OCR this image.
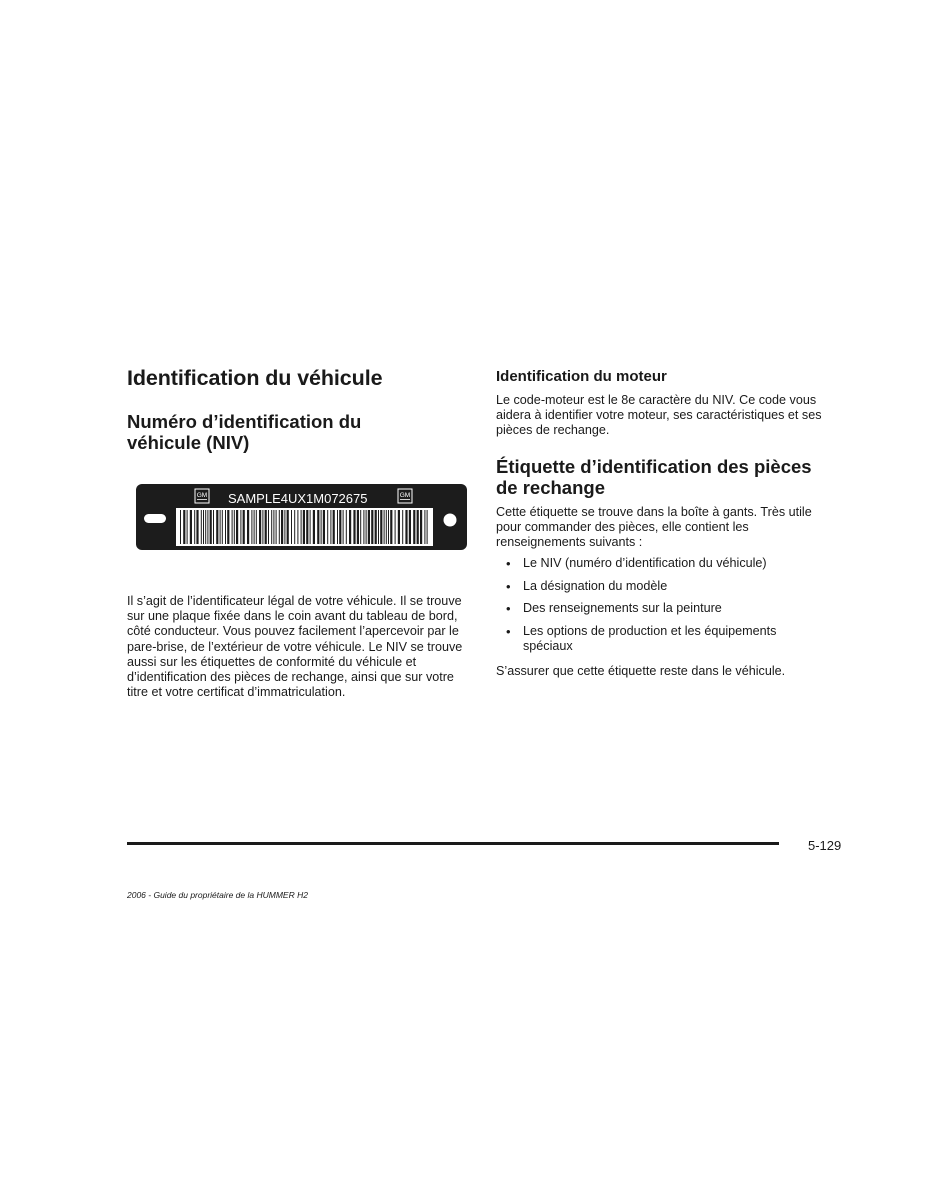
Identification du véhicule
Numéro d’identification du
véhicule (NIV)
GM SAMPLE4UX1M072675	GM

Il s’agit de l’identificateur légal de votre véhicule. Il se trouve sur une plaque fixée dans le coin avant du tableau de bord, côté conducteur. Vous pouvez facilement l’apercevoir par le pare-brise, de l’extérieur de votre véhicule. Le NIV se trouve aussi sur les étiquettes de conformité du véhicule et d’identification des pièces de rechange, ainsi que sur votre titre et votre certificat d’immatriculation.

Identification du moteur

Le code-moteur est le 8e caractère du NIV. Ce code vous aidera à identifier votre moteur, ses caractéristiques et ses pièces de rechange.

Étiquette d’identification des pièces
de rechange

Cette étiquette se trouve dans la boîte à gants. Très utile pour commander des pièces, elle contient les renseignements suivants :

• Le NIV (numéro d’identification du véhicule)
• La désignation du modèle
• Des renseignements sur la peinture
• Les options de production et les équipements spéciaux

S’assurer que cette étiquette reste dans le véhicule.

5-129
2006 - Guide du propriétaire de la HUMMER H2
